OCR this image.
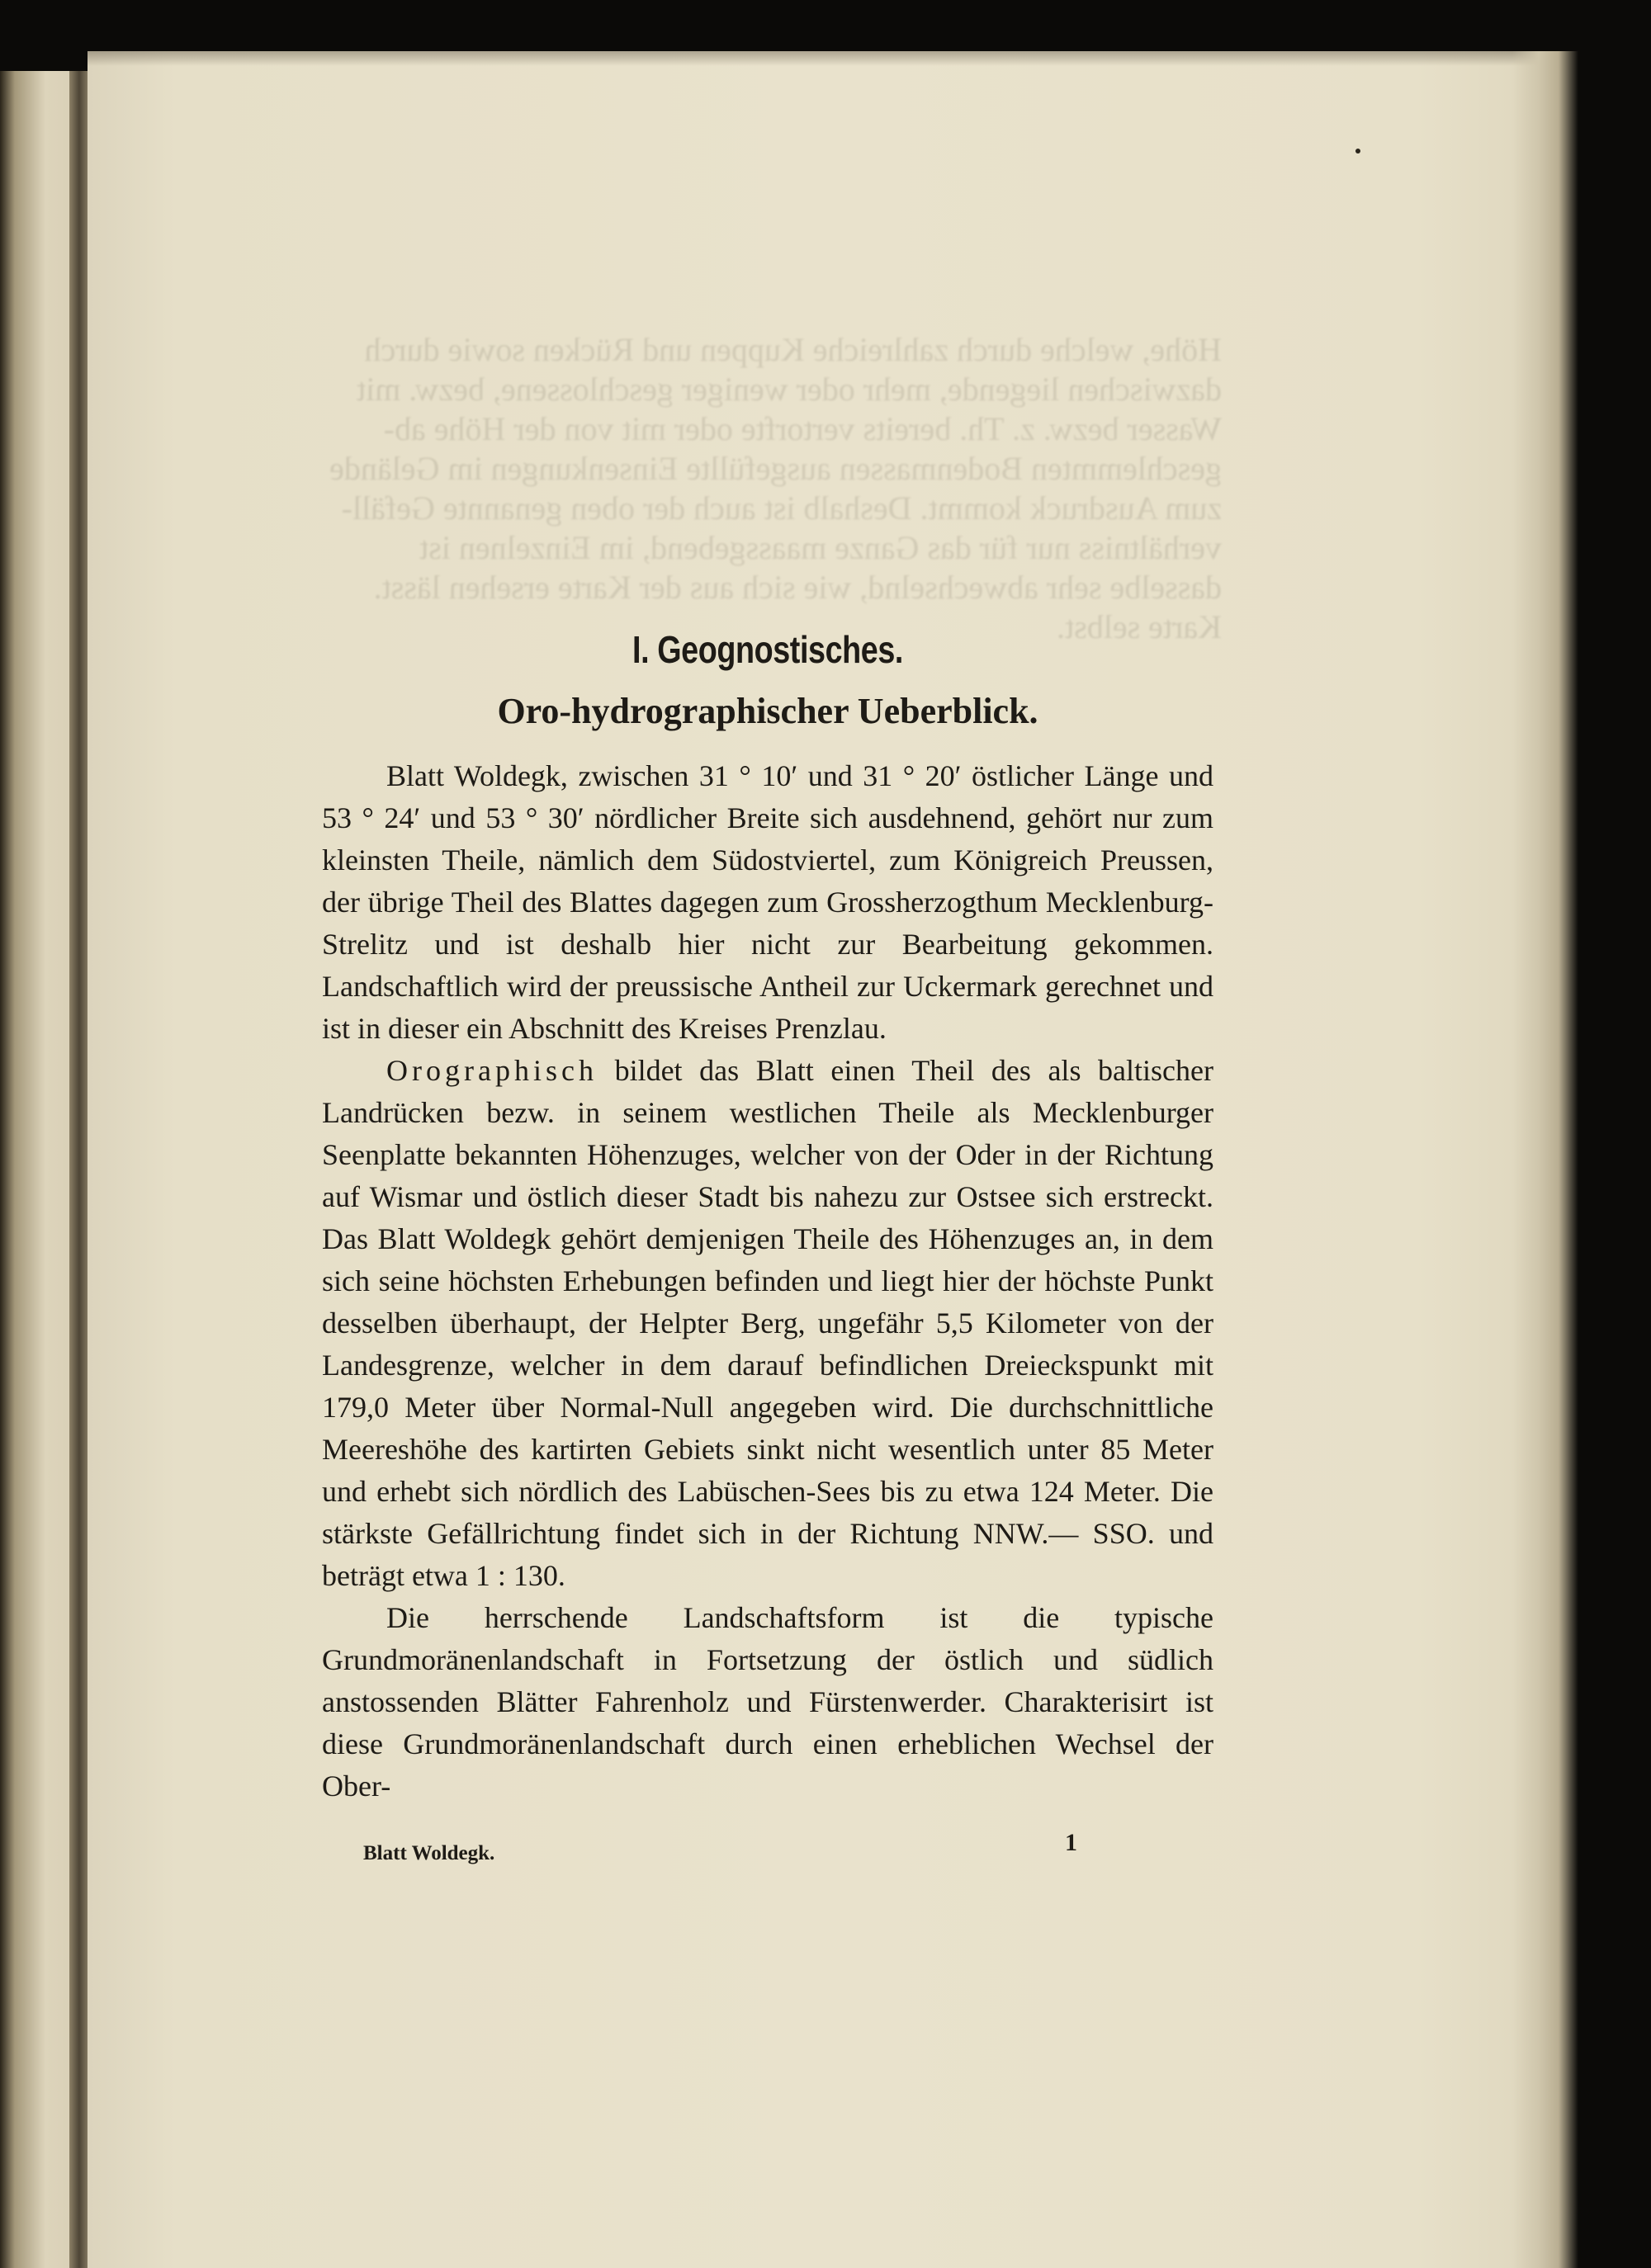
Höhe, welche durch zahlreiche Kuppen und Rücken sowie durch

dazwischen liegende, mehr oder weniger geschlossene, bezw. mit

Wasser bezw. z. Th. bereits vertorfte oder mit von der Höhe ab-

geschlemmten Bodenmassen ausgefüllte Einsenkungen im Gelände

zum Ausdruck kommt. Deshalb ist auch der oben genannte Gefäll-

verhältniss nur für das Ganze maassgebend, im Einzelnen ist

dasselbe sehr abwechselnd, wie sich aus der Karte ersehen lässt.

Karte selbst.

I. Geognostisches.
Oro-hydrographischer Ueberblick.

Blatt Woldegk, zwischen 31 ° 10′ und 31 ° 20′ östlicher Länge und 53 ° 24′ und 53 ° 30′ nördlicher Breite sich ausdehnend, gehört nur zum kleinsten Theile, nämlich dem Südostviertel, zum Königreich Preussen, der übrige Theil des Blattes dagegen zum Grossherzogthum Mecklenburg-Strelitz und ist deshalb hier nicht zur Bearbeitung gekommen. Landschaftlich wird der preussische Antheil zur Uckermark gerechnet und ist in dieser ein Abschnitt des Kreises Prenzlau.

Orographisch bildet das Blatt einen Theil des als baltischer Landrücken bezw. in seinem westlichen Theile als Mecklenburger Seenplatte bekannten Höhenzuges, welcher von der Oder in der Richtung auf Wismar und östlich dieser Stadt bis nahezu zur Ostsee sich erstreckt. Das Blatt Woldegk gehört demjenigen Theile des Höhenzuges an, in dem sich seine höchsten Erhebungen befinden und liegt hier der höchste Punkt desselben überhaupt, der Helpter Berg, ungefähr 5,5 Kilometer von der Landesgrenze, welcher in dem darauf befindlichen Dreieckspunkt mit 179,0 Meter über Normal-Null angegeben wird. Die durchschnittliche Meereshöhe des kartirten Gebiets sinkt nicht wesentlich unter 85 Meter und erhebt sich nördlich des Labüschen-Sees bis zu etwa 124 Meter. Die stärkste Gefällrichtung findet sich in der Richtung NNW.— SSO. und beträgt etwa 1 : 130.

Die herrschende Landschaftsform ist die typische Grundmoränenlandschaft in Fortsetzung der östlich und südlich anstossenden Blätter Fahrenholz und Fürstenwerder. Charakterisirt ist diese Grundmoränenlandschaft durch einen erheblichen Wechsel der Ober-

Blatt Woldegk.	1
